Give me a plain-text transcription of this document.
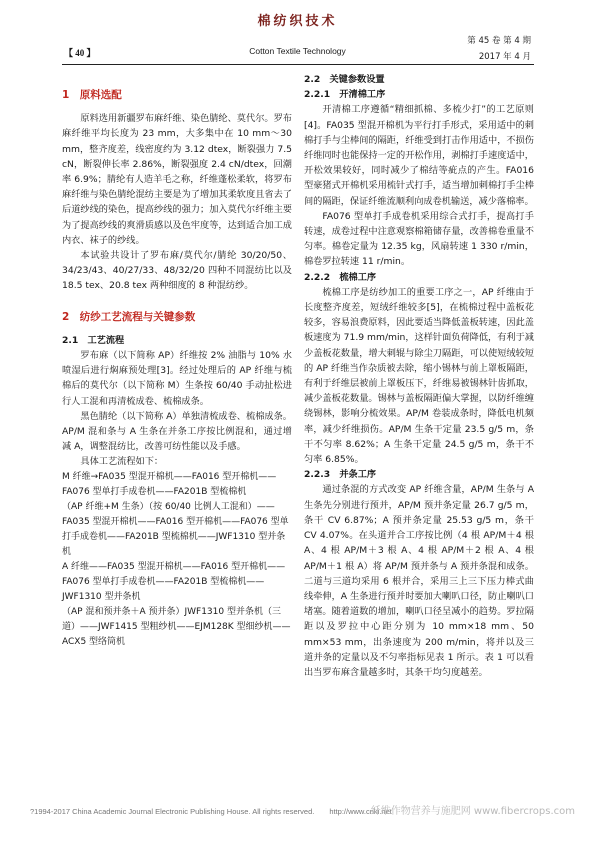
棉纺织技术
Cotton Textile Technology
【 40 】
第 45 卷 第 4 期
2017 年 4 月

1　原料选配

原料选用新疆罗布麻纤维、染色腈纶、莫代尔。罗布麻纤维平均长度为 23 mm，大多集中在 10 mm～30 mm，整齐度差，线密度约为 3.12 dtex，断裂强力 7.5 cN，断裂伸长率 2.86%，断裂强度 2.4 cN/dtex，回潮率 6.9%；腈纶有人造羊毛之称，纤维蓬松柔软，将罗布麻纤维与染色腈纶混纺主要是为了增加其柔软度且省去了后道纱线的染色，提高纱线的强力；加入莫代尔纤维主要为了提高纱线的爽滑质感以及色牢度等，达到适合加工成内衣、袜子的纱线。

本试验共设计了罗布麻/莫代尔/腈纶 30/20/50、34/23/43、40/27/33、48/32/20 四种不同混纺比以及 18.5 tex、20.8 tex 两种细度的 8 种混纺纱。

2　纺纱工艺流程与关键参数

2.1　工艺流程

罗布麻（以下简称 AP）纤维按 2% 油脂与 10% 水喷湿后进行焖麻预处理[3]。经过处理后的 AP 纤维与梳棉后的莫代尔（以下简称 M）生条按 60/40 手动扯松进行人工混和再清梳成卷、梳棉成条。

黑色腈纶（以下简称 A）单独清梳成卷、梳棉成条。AP/M 混和条与 A 生条在并条工序按比例混和，通过增减 A，调整混纺比，改善可纺性能以及手感。

具体工艺流程如下：

M 纤维→FA035 型混开棉机——FA016 型开棉机——FA076 型单打手成卷机——FA201B 型梳棉机

（AP 纤维+M 生条）（按 60/40 比例人工混和）——FA035 型混开棉机——FA016 型开棉机——FA076 型单打手成卷机——FA201B 型梳棉机——JWF1310 型并条机

A 纤维——FA035 型混开棉机——FA016 型开棉机——FA076 型单打手成卷机——FA201B 型梳棉机——JWF1310 型并条机

（AP 混和预并条＋A 预并条）JWF1310 型并条机（三道）——JWF1415 型粗纱机——EJM128K 型细纱机——ACX5 型络筒机

2.2　关键参数设置

2.2.1　开清棉工序

开清棉工序遵循“精细抓棉、多梳少打”的工艺原则[4]。FA035 型混开棉机为平行打手形式，采用适中的刺棉打手与尘棒间的隔距，纤维受到打击作用适中，不损伤纤维同时也能保持一定的开松作用，剥棉打手速度适中，开松效果较好，同时减少了棉结等疵点的产生。FA016 型豪猪式开棉机采用梳针式打手，适当增加刺棉打手尘棒间的隔距，保证纤维流顺利向成卷机输送，减少落棉率。

FA076 型单打手成卷机采用综合式打手，提高打手转速，成卷过程中注意观察棉箱储存量，改善棉卷重量不匀率。棉卷定量为 12.35 kg，风扇转速 1 330 r/min，棉卷罗拉转速 11 r/min。

2.2.2　梳棉工序

梳棉工序是纺纱加工的重要工序之一，AP 纤维由于长度整齐度差，短绒纤维较多[5]，在梳棉过程中盖板花较多，容易浪费原料，因此要适当降低盖板转速，因此盖板速度为 71.9 mm/min，这样针面负荷降低，有利于减少盖板花数量，增大刺辊与除尘刀隔距，可以使短绒较短的 AP 纤维当作杂质被去除，缩小锡林与前上罩板隔距，有利于纤维层被前上罩板压下，纤维易被锡林针齿抓取，减少盖板花数量。锡林与盖板隔距偏大掌握，以防纤维缠绕锡林，影响分梳效果。AP/M 卷装成条时，降低电机频率，减少纤维损伤。AP/M 生条干定量 23.5 g/5 m，条干不匀率 8.62%；A 生条干定量 24.5 g/5 m，条干不匀率 6.85%。

2.2.3　并条工序

通过条混的方式改变 AP 纤维含量，AP/M 生条与 A 生条先分别进行预并，AP/M 预并条定量 26.7 g/5 m，条干 CV 6.87%；A 预并条定量 25.53 g/5 m，条干 CV 4.07%。在头道并合工序按比例（4 根 AP/M＋4 根 A、4 根 AP/M＋3 根 A、4 根 AP/M＋2 根 A、4 根 AP/M＋1 根 A）将 AP/M 预并条与 A 预并条混和成条。二道与三道均采用 6 根并合，采用三上三下压力棒式曲线牵伸，A 生条进行预并时要加大喇叭口径，防止喇叭口堵塞。随着道数的增加，喇叭口径呈减小的趋势。罗拉隔距以及罗拉中心距分别为 10 mm×18 mm、50 mm×53 mm，出条速度为 200 m/min，将并以及三道并条的定量以及不匀率指标见表 1 所示。表 1 可以看出当罗布麻含量越多时，其条干均匀度越差。

?1994-2017 China Academic Journal Electronic Publishing House. All rights reserved.　　http://www.cnki.net
纤维作物营养与施肥网 www.fibercrops.com
